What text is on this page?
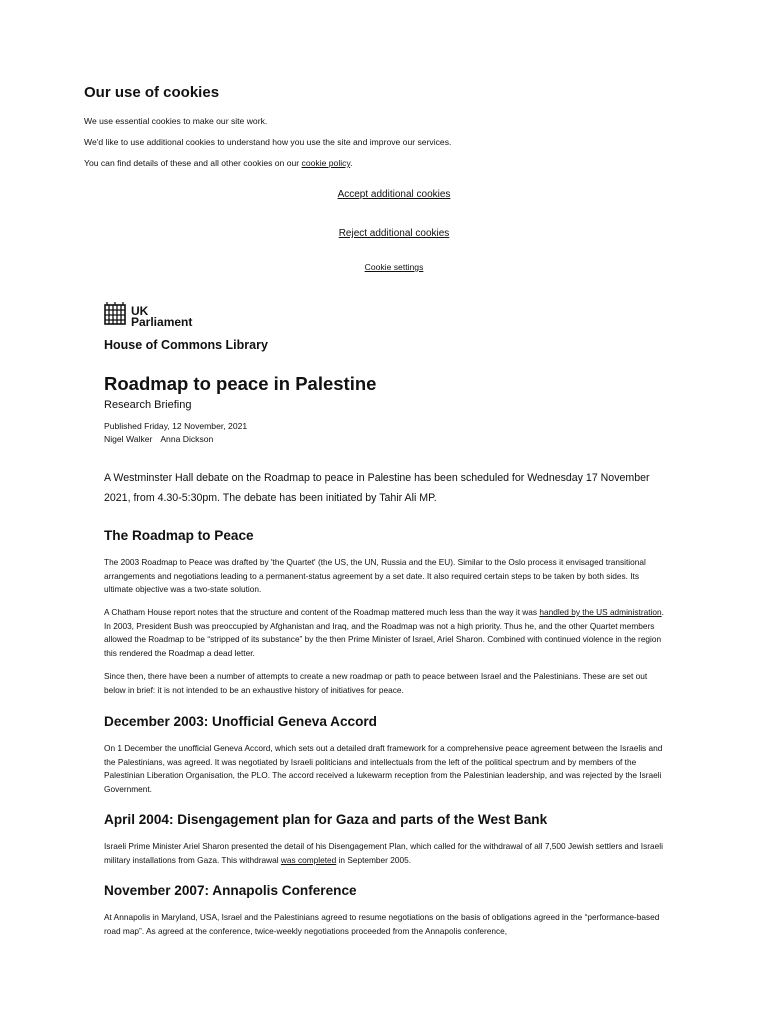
Our use of cookies
We use essential cookies to make our site work.
We'd like to use additional cookies to understand how you use the site and improve our services.
You can find details of these and all other cookies on our cookie policy.
Accept additional cookies
Reject additional cookies
Cookie settings
UK
Parliament
House of Commons Library
Roadmap to peace in Palestine
Research Briefing
Published Friday, 12 November, 2021
Nigel Walker Anna Dickson
A Westminster Hall debate on the Roadmap to peace in Palestine has been scheduled for Wednesday 17 November 2021, from 4.30-5:30pm. The debate has been initiated by Tahir Ali MP.
The Roadmap to Peace
The 2003 Roadmap to Peace was drafted by 'the Quartet' (the US, the UN, Russia and the EU). Similar to the Oslo process it envisaged transitional arrangements and negotiations leading to a permanent-status agreement by a set date. It also required certain steps to be taken by both sides. Its ultimate objective was a two-state solution.
A Chatham House report notes that the structure and content of the Roadmap mattered much less than the way it was handled by the US administration. In 2003, President Bush was preoccupied by Afghanistan and Iraq, and the Roadmap was not a high priority. Thus he, and the other Quartet members allowed the Roadmap to be “stripped of its substance” by the then Prime Minister of Israel, Ariel Sharon. Combined with continued violence in the region this rendered the Roadmap a dead letter.
Since then, there have been a number of attempts to create a new roadmap or path to peace between Israel and the Palestinians. These are set out below in brief: it is not intended to be an exhaustive history of initiatives for peace.
December 2003: Unofficial Geneva Accord
On 1 December the unofficial Geneva Accord, which sets out a detailed draft framework for a comprehensive peace agreement between the Israelis and the Palestinians, was agreed. It was negotiated by Israeli politicians and intellectuals from the left of the political spectrum and by members of the Palestinian Liberation Organisation, the PLO. The accord received a lukewarm reception from the Palestinian leadership, and was rejected by the Israeli Government.
April 2004: Disengagement plan for Gaza and parts of the West Bank
Israeli Prime Minister Ariel Sharon presented the detail of his Disengagement Plan, which called for the withdrawal of all 7,500 Jewish settlers and Israeli military installations from Gaza. This withdrawal was completed in September 2005.
November 2007: Annapolis Conference
At Annapolis in Maryland, USA, Israel and the Palestinians agreed to resume negotiations on the basis of obligations agreed in the “performance-based road map”. As agreed at the conference, twice-weekly negotiations proceeded from the Annapolis conference,
